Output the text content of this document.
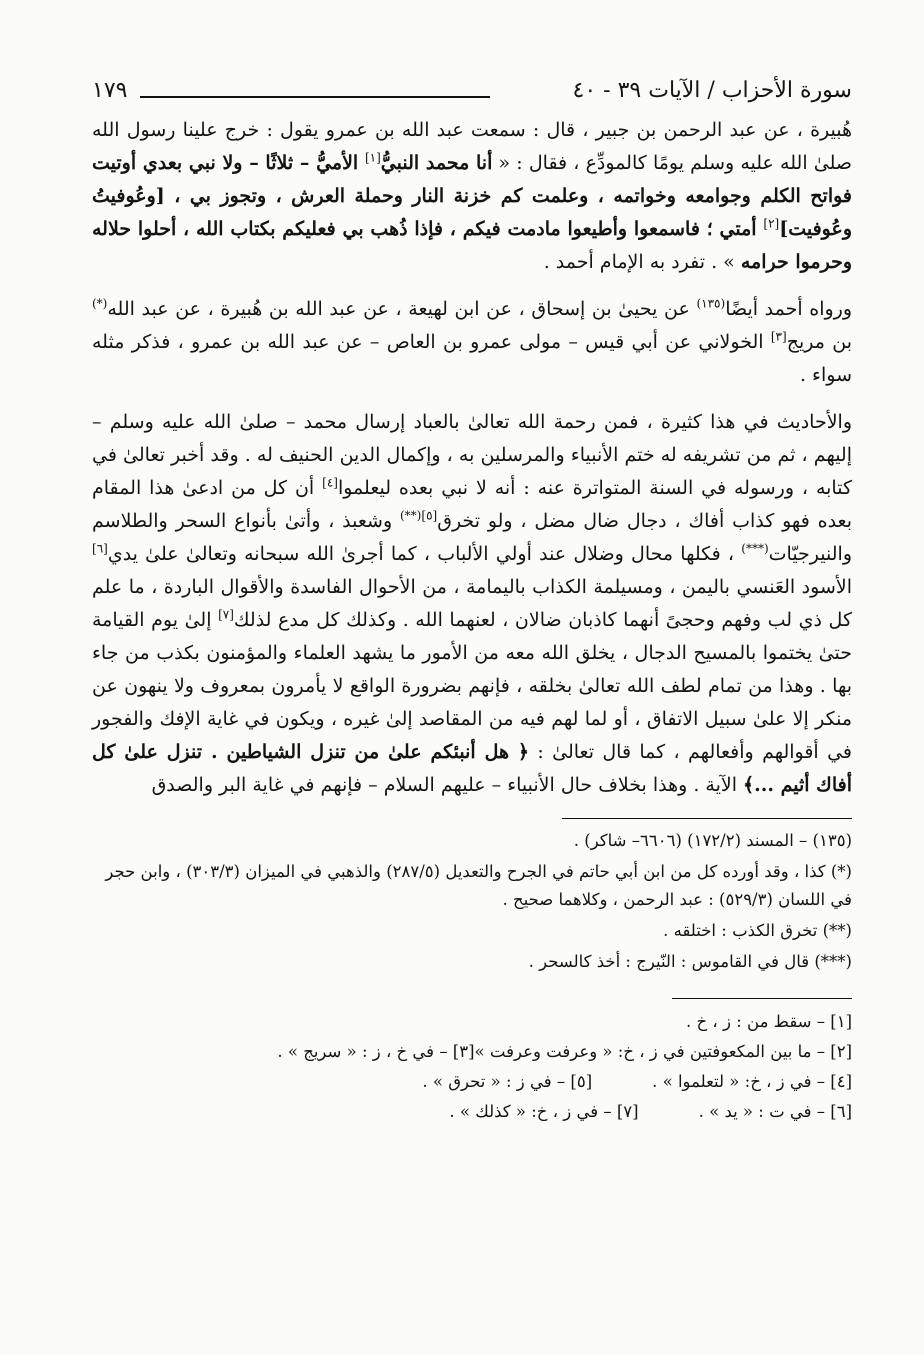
سورة الأحزاب / الآيات ٣٩ - ٤٠
١٧٩

هُبيرة ، عن عبد الرحمن بن جبير ، قال : سمعت عبد الله بن عمرو يقول : خرج علينا رسول الله صلىٰ الله عليه وسلم يومًا كالمودِّع ، فقال : « أنا محمد النبيُّ[١] الأميُّ – ثلاثًا – ولا نبي بعدي أوتيت فواتح الكلم وجوامعه وخواتمه ، وعلمت كم خزنة النار وحملة العرش ، وتجوز بي ، [وعُوفيتُ وعُوفيت][٢] أمتي ؛ فاسمعوا وأطيعوا مادمت فيكم ، فإذا ذُهب بي فعليكم بكتاب الله ، أحلوا حلاله وحرموا حرامه » . تفرد به الإمام أحمد .

ورواه أحمد أيضًا$^{(١٣٥)}$ عن يحيىٰ بن إسحاق ، عن ابن لهيعة ، عن عبد الله بن هُبيرة ، عن عبد الله(*) بن مريج[٣] الخولاني عن أبي قيس – مولى عمرو بن العاص – عن عبد الله بن عمرو ، فذكر مثله سواء .

والأحاديث في هذا كثيرة ، فمن رحمة الله تعالىٰ بالعباد إرسال محمد – صلىٰ الله عليه وسلم – إليهم ، ثم من تشريفه له ختم الأنبياء والمرسلين به ، وإكمال الدين الحنيف له . وقد أخبر تعالىٰ في كتابه ، ورسوله في السنة المتواترة عنه : أنه لا نبي بعده ليعلموا[٤] أن كل من ادعىٰ هذا المقام بعده فهو كذاب أفاك ، دجال ضال مضل ، ولو تخرق$^{[٥](**)}$ وشعبذ ، وأتىٰ بأنواع السحر والطلاسم والنيرجيّات(***) ، فكلها محال وضلال عند أولي الألباب ، كما أجرىٰ الله سبحانه وتعالىٰ علىٰ يدي[٦] الأسود العَنسي باليمن ، ومسيلمة الكذاب باليمامة ، من الأحوال الفاسدة والأقوال الباردة ، ما علم كل ذي لب وفهم وحجىً أنهما كاذبان ضالان ، لعنهما الله . وكذلك كل مدع لذلك[٧] إلىٰ يوم القيامة حتىٰ يختموا بالمسيح الدجال ، يخلق الله معه من الأمور ما يشهد العلماء والمؤمنون بكذب من جاء بها . وهذا من تمام لطف الله تعالىٰ بخلقه ، فإنهم بضرورة الواقع لا يأمرون بمعروف ولا ينهون عن منكر إلا علىٰ سبيل الاتفاق ، أو لما لهم فيه من المقاصد إلىٰ غيره ، ويكون في غاية الإفك والفجور في أقوالهم وأفعالهم ، كما قال تعالىٰ : ﴿ هل أنبئكم علىٰ من تنزل الشياطين . تنزل علىٰ كل أفاك أثيم ...﴾ الآية . وهذا بخلاف حال الأنبياء – عليهم السلام – فإنهم في غاية البر والصدق

(١٣٥) – المسند (١٧٢/٢) (٦٦٠٦– شاكر) .

(*) كذا ، وقد أورده كل من ابن أبي حاتم في الجرح والتعديل (٢٨٧/٥) والذهبي في الميزان (٣٠٣/٣) ، وابن حجر في اللسان (٥٢٩/٣) : عبد الرحمن ، وكلاهما صحيح .

(**) تخرق الكذب : اختلقه .

(***) قال في القاموس : النّيرج : أخذ كالسحر .

[١] – سقط من : ز ، خ .
[٢] – ما بين المكعوفتين في ز ، خ: « وعرفت وعرفت »[٣] – في خ ، ز : « سريج » .
[٤] – في ز ، خ: « لتعلموا » .
[٥] – في ز : « تحرق » .
[٦] – في ت : « يد » .
[٧] – في ز ، خ: « كذلك » .
